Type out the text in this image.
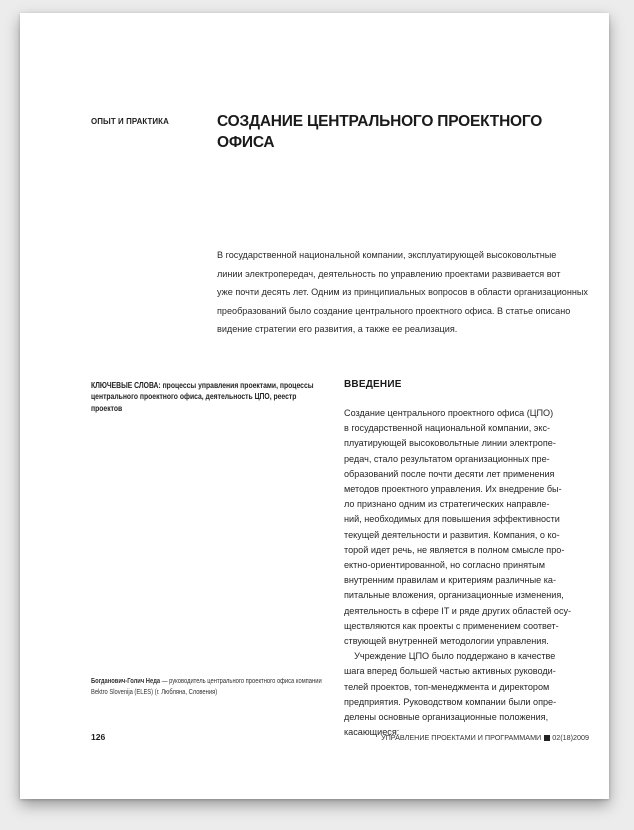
ОПЫТ И ПРАКТИКА	СОЗДАНИЕ ЦЕНТРАЛЬНОГО ПРОЕКТНОГО ОФИСА
В государственной национальной компании, эксплуатирующей высоковольтные
линии электропередач, деятельность по управлению проектами развивается вот
уже почти десять лет. Одним из принципиальных вопросов в области организационных
преобразований было создание центрального проектного офиса. В статье описано
видение стратегии его развития, а также ее реализация.
КЛЮЧЕВЫЕ СЛОВА: процессы управления проектами, процессы
центрального проектного офиса, деятельность ЦПО, реестр
проектов
ВВЕДЕНИЕ
Создание центрального проектного офиса (ЦПО)
в государственной национальной компании, экс-
плуатирующей высоковольтные линии электропе-
редач, стало результатом организационных пре-
образований после почти десяти лет применения
методов проектного управления. Их внедрение бы-
ло признано одним из стратегических направле-
ний, необходимых для повышения эффективности
текущей деятельности и развития. Компания, о ко-
торой идет речь, не является в полном смысле про-
ектно-ориентированной, но согласно принятым
внутренним правилам и критериям различные ка-
питальные вложения, организационные изменения,
деятельность в сфере IT и ряде других областей осу-
ществляются как проекты с применением соответ-
ствующей внутренней методологии управления.
Учреждение ЦПО было поддержано в качестве
шага вперед большей частью активных руководи-
телей проектов, топ-менеджмента и директором
предприятия. Руководством компании были опре-
делены основные организационные положения,
касающиеся:
Богданович-Голич Неда — руководитель центрального проектного офиса компании
Bektro Slovenija (ELES) (г. Любляна, Словения)
126	УПРАВЛЕНИЕ ПРОЕКТАМИ И ПРОГРАММАМИ 02(18)2009
